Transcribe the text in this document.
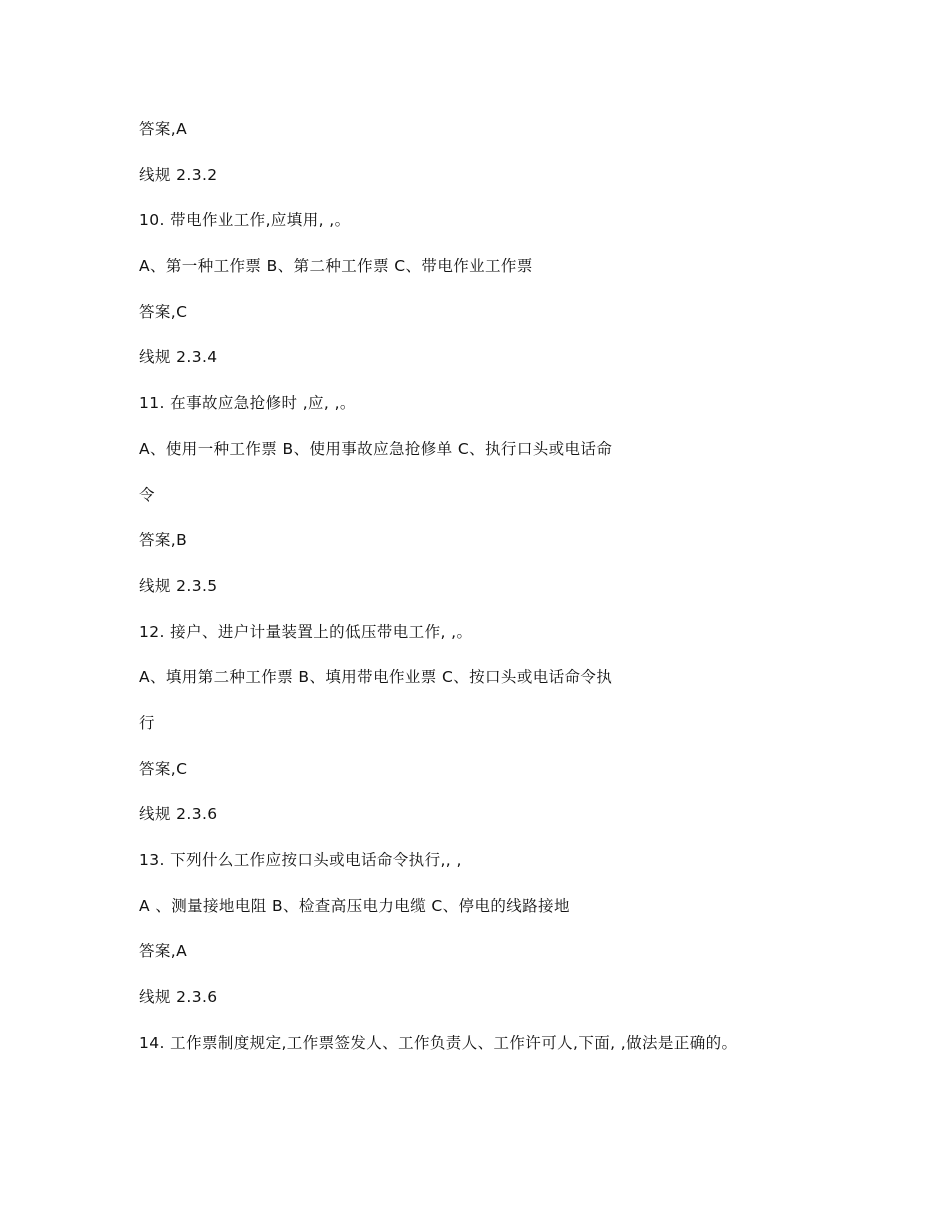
答案,A
线规 2.3.2
10. 带电作业工作,应填用, ,。
A、第一种工作票 B、第二种工作票 C、带电作业工作票
答案,C
线规 2.3.4
11. 在事故应急抢修时 ,应, ,。
A、使用一种工作票 B、使用事故应急抢修单 C、执行口头或电话命
令
答案,B
线规 2.3.5
12. 接户、进户计量装置上的低压带电工作, ,。
A、填用第二种工作票 B、填用带电作业票 C、按口头或电话命令执
行
答案,C
线规 2.3.6
13. 下列什么工作应按口头或电话命令执行,, ,
A 、测量接地电阻 B、检查高压电力电缆 C、停电的线路接地
答案,A
线规 2.3.6
14. 工作票制度规定,工作票签发人、工作负责人、工作许可人,下面, ,做法是正确的。
